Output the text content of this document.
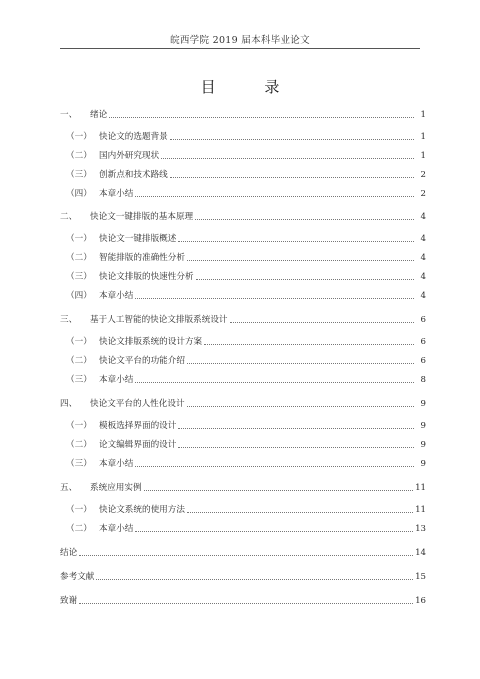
皖西学院 2019 届本科毕业论文
目 录
一、	绪论	1
（一） 快论文的选题背景	1
（二） 国内外研究现状	1
（三） 创新点和技术路线	2
（四） 本章小结	2
二、	快论文一键排版的基本原理	4
（一） 快论文一键排版概述	4
（二） 智能排版的准确性分析	4
（三） 快论文排版的快速性分析	4
（四） 本章小结	4
三、	基于人工智能的快论文排版系统设计	6
（一） 快论文排版系统的设计方案	6
（二） 快论文平台的功能介绍	6
（三） 本章小结	8
四、	快论文平台的人性化设计	9
（一） 模板选择界面的设计	9
（二） 论文编辑界面的设计	9
（三） 本章小结	9
五、	系统应用实例	11
（一） 快论文系统的使用方法	11
（二） 本章小结	13
结论	14
参考文献	15
致谢	16
